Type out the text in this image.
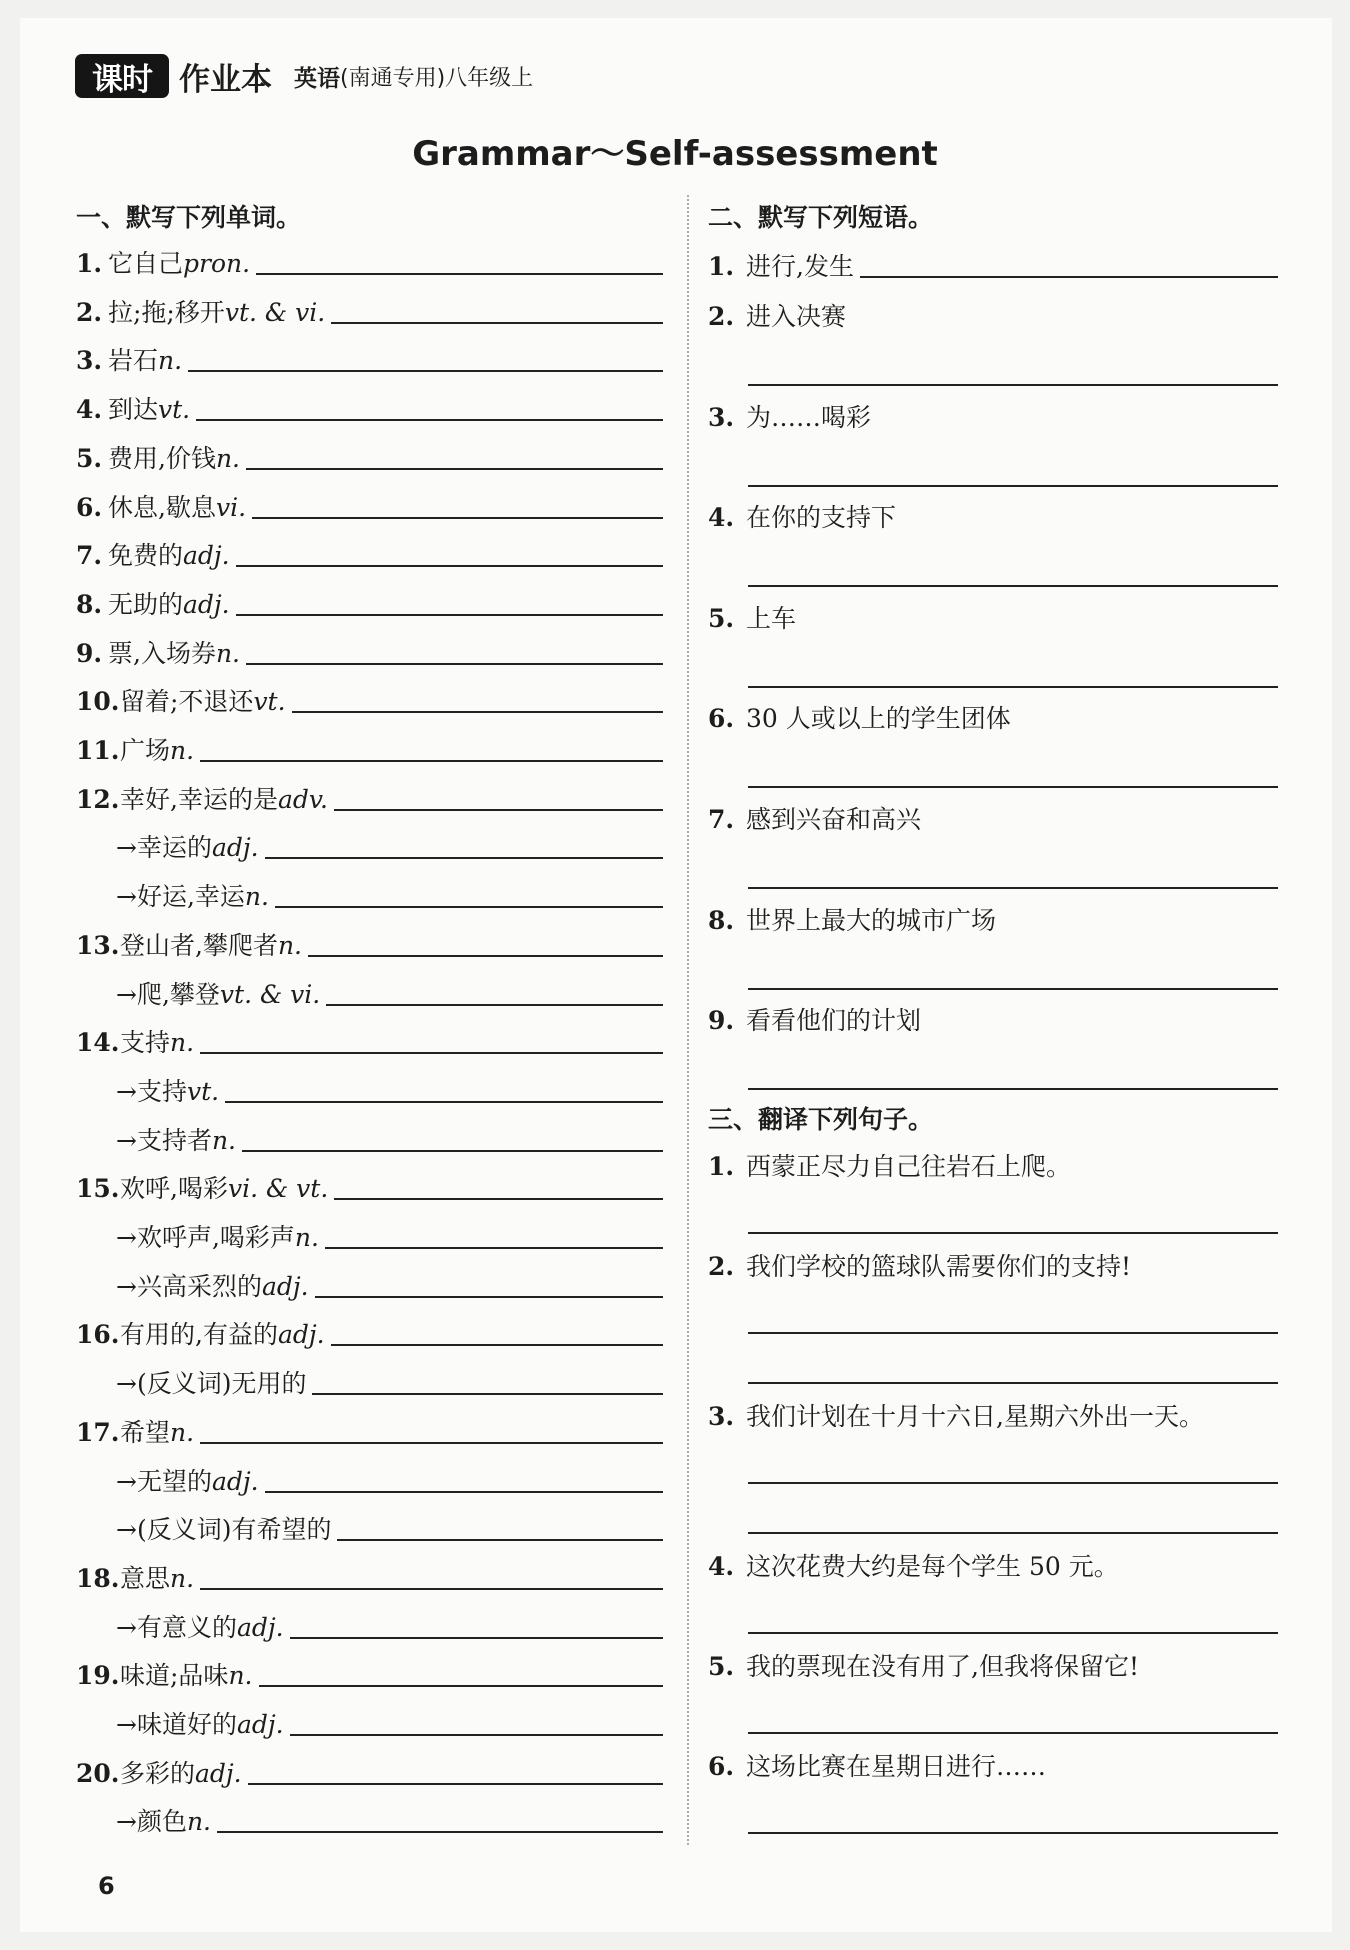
课时 作业本 英语 (南通专用)八年级上
Grammar～Self-assessment
一、默写下列单词。
1. 它自己 pron.
2. 拉;拖;移开 vt. & vi.
3. 岩石 n.
4. 到达 vt.
5. 费用,价钱 n.
6. 休息,歇息 vi.
7. 免费的 adj.
8. 无助的 adj.
9. 票,入场券 n.
10. 留着;不退还 vt.
11. 广场 n.
12. 幸好,幸运的是 adv.
→幸运的 adj.
→好运,幸运 n.
13. 登山者,攀爬者 n.
→爬,攀登 vt. & vi.
14. 支持 n.
→支持 vt.
→支持者 n.
15. 欢呼,喝彩 vi. & vt.
→欢呼声,喝彩声 n.
→兴高采烈的 adj.
16. 有用的,有益的 adj.
→(反义词)无用的
17. 希望 n.
→无望的 adj.
→(反义词)有希望的
18. 意思 n.
→有意义的 adj.
19. 味道;品味 n.
→味道好的 adj.
20. 多彩的 adj.
→颜色 n.
二、默写下列短语。
1. 进行,发生
2. 进入决赛
3. 为……喝彩
4. 在你的支持下
5. 上车
6. 30 人或以上的学生团体
7. 感到兴奋和高兴
8. 世界上最大的城市广场
9. 看看他们的计划
三、翻译下列句子。
1. 西蒙正尽力自己往岩石上爬。
2. 我们学校的篮球队需要你们的支持!
3. 我们计划在十月十六日,星期六外出一天。
4. 这次花费大约是每个学生 50 元。
5. 我的票现在没有用了,但我将保留它!
6. 这场比赛在星期日进行……
6
